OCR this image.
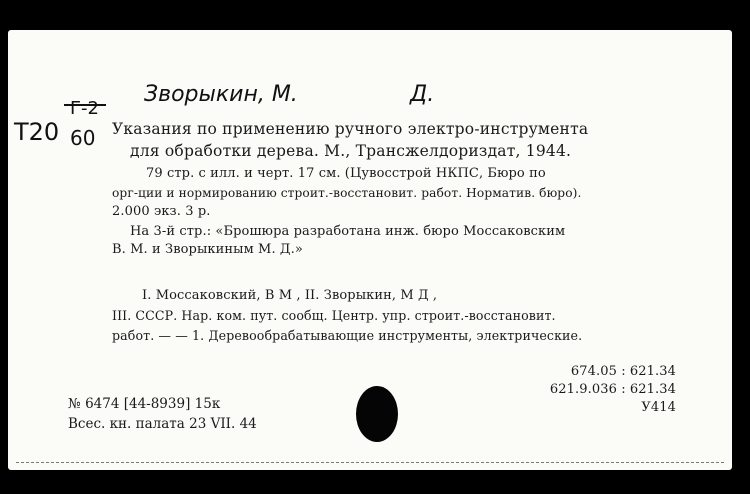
Зворыкин, М.	Д.
Т20
Г-2
60 Указания по применению ручного электро-инструмента
для обработки дерева. М., Трансжелдориздат, 1944.
79 стр. с илл. и черт. 17 см. (Цувосстрой НКПС, Бюро по
орг-ции и нормированию строит.-восстановит. работ. Норматив. бюро).
2.000 экз. 3 р.
На 3-й стр.: «Брошюра разработана инж. бюро Моссаковским
В. М. и Зворыкиным М. Д.»
I. Моссаковский, В М , II. Зворыкин, М Д ,
III. СССР. Нар. ком. пут. сообщ. Центр. упр. строит.-восстановит.
работ. — — 1. Деревообрабатывающие инструменты, электрические.
674.05 : 621.34
621.9.036 : 621.34
У414
№ 6474 [44-8939] 15к
Всес. кн. палата 23 VII. 44
